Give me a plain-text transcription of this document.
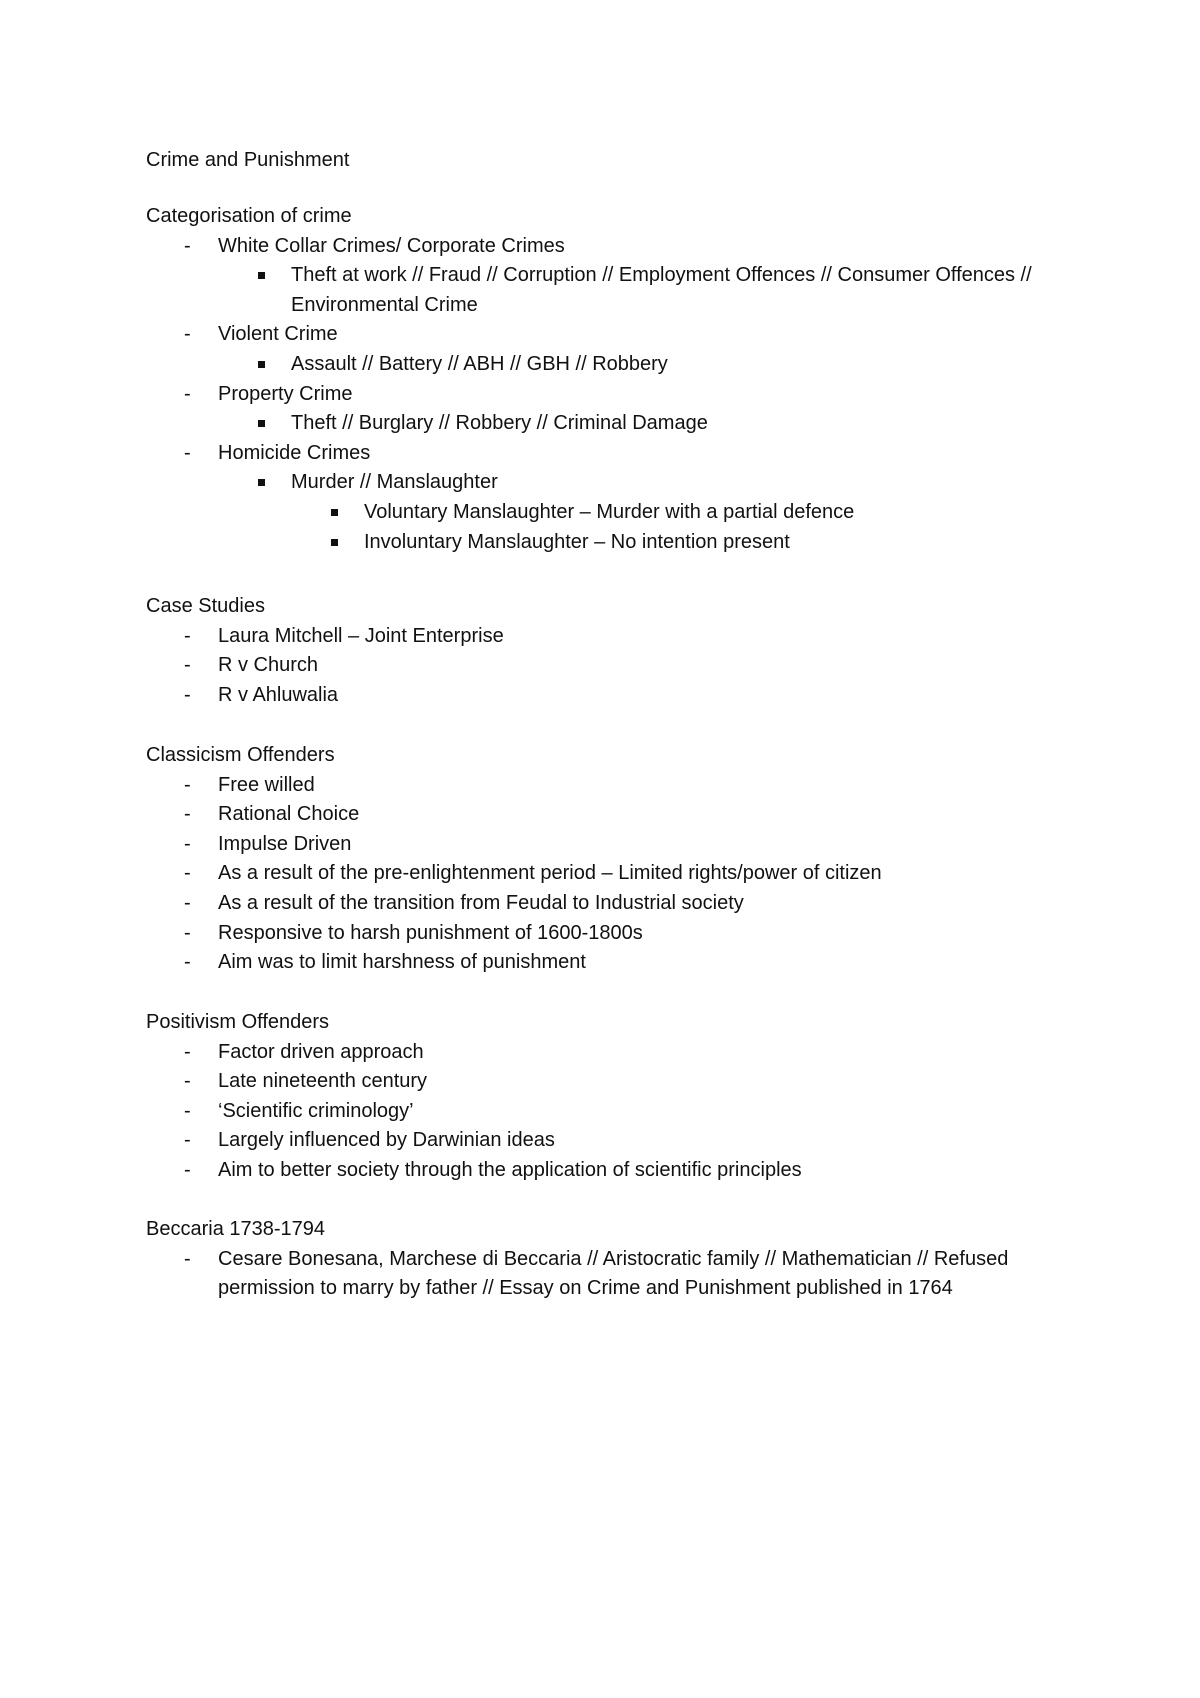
Crime and Punishment
Categorisation of crime
- White Collar Crimes/ Corporate Crimes
Theft at work // Fraud // Corruption // Employment Offences // Consumer Offences // Environmental Crime
- Violent Crime
Assault // Battery // ABH // GBH // Robbery
- Property Crime
Theft // Burglary // Robbery // Criminal Damage
- Homicide Crimes
Murder // Manslaughter
Voluntary Manslaughter – Murder with a partial defence
Involuntary Manslaughter – No intention present
Case Studies
- Laura Mitchell – Joint Enterprise
- R v Church
- R v Ahluwalia
Classicism Offenders
- Free willed
- Rational Choice
- Impulse Driven
- As a result of the pre-enlightenment period – Limited rights/power of citizen
- As a result of the transition from Feudal to Industrial society
- Responsive to harsh punishment of 1600-1800s
- Aim was to limit harshness of punishment
Positivism Offenders
- Factor driven approach
- Late nineteenth century
- ‘Scientific criminology’
- Largely influenced by Darwinian ideas
- Aim to better society through the application of scientific principles
Beccaria 1738-1794
- Cesare Bonesana, Marchese di Beccaria // Aristocratic family // Mathematician // Refused permission to marry by father // Essay on Crime and Punishment published in 1764
